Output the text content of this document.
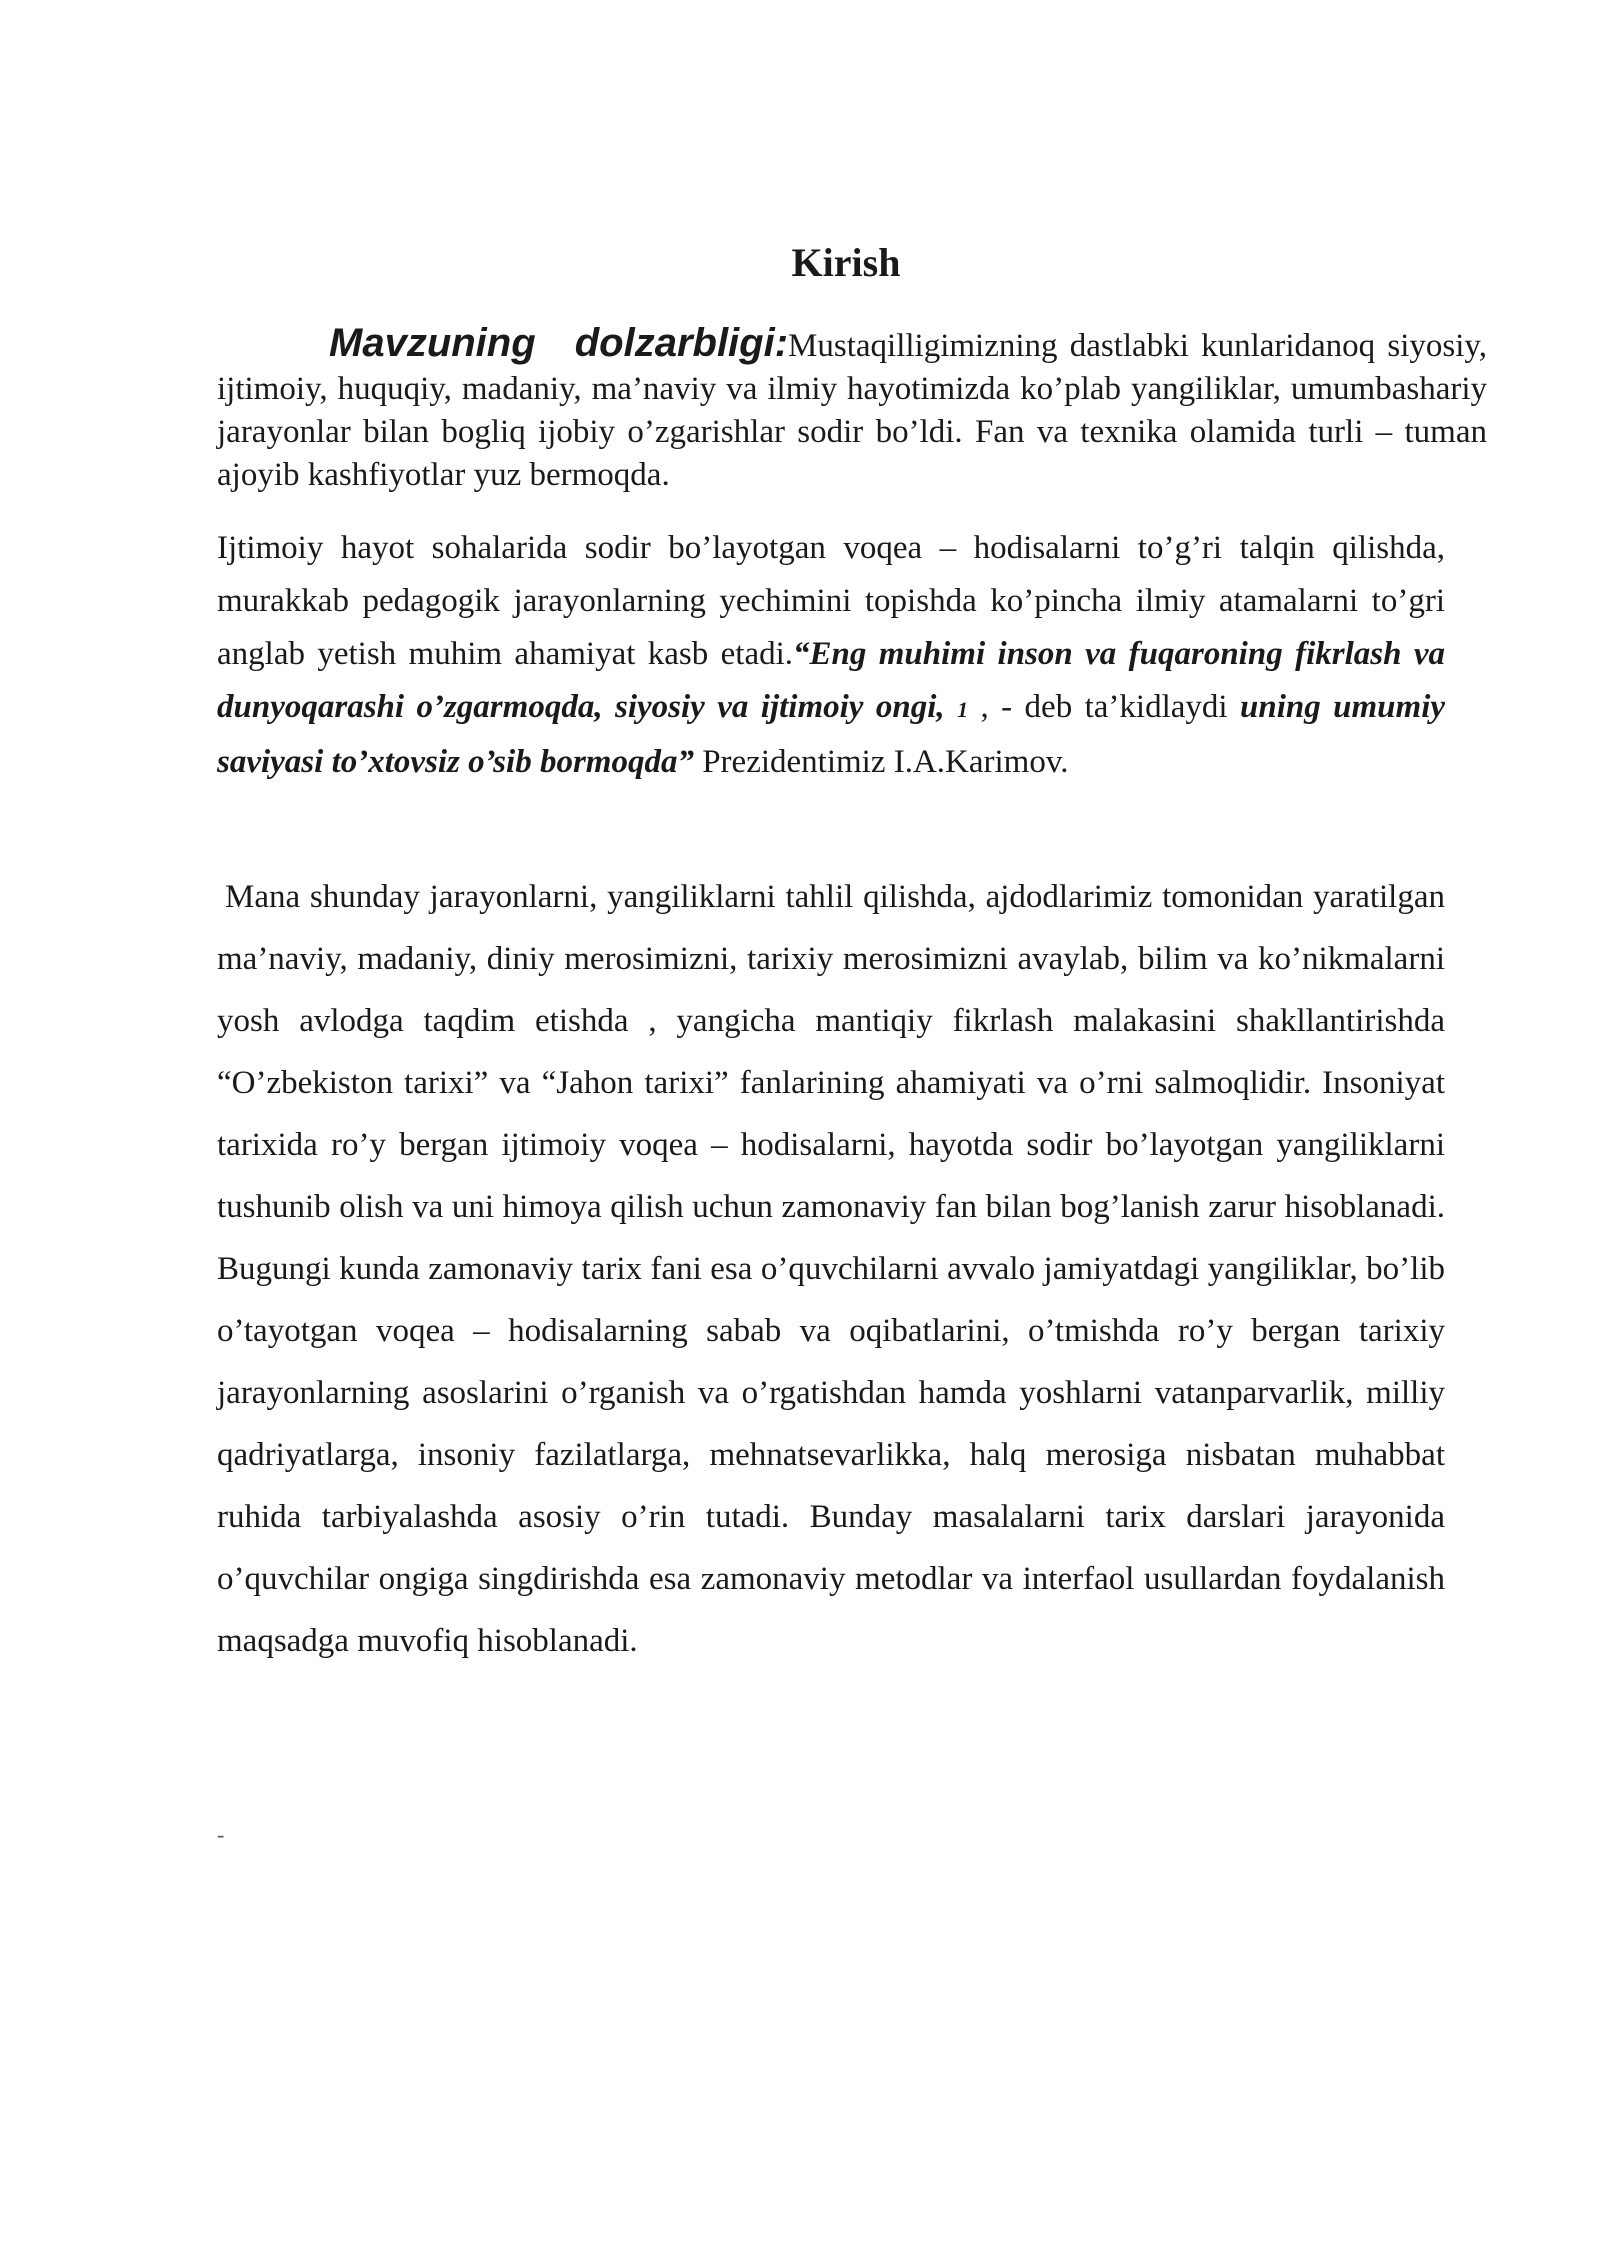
Kirish

Mavzuning dolzarbligi:Mustaqilligimizning dastlabki kunlaridanoq siyosiy, ijtimoiy, huquqiy, madaniy, ma’naviy va ilmiy hayotimizda ko’plab yangiliklar, umumbashariy jarayonlar bilan bogliq ijobiy o’zgarishlar sodir bo’ldi. Fan va texnika olamida turli – tuman ajoyib kashfiyotlar yuz bermoqda.

Ijtimoiy hayot sohalarida sodir bo’layotgan voqea – hodisalarni to’g’ri talqin qilishda, murakkab pedagogik jarayonlarning yechimini topishda ko’pincha ilmiy atamalarni to’gri anglab yetish muhim ahamiyat kasb etadi.“Eng muhimi inson va fuqaroning fikrlash va dunyoqarashi o’zgarmoqda, siyosiy va ijtimoiy ongi, 1 , - deb ta’kidlaydi uning umumiy saviyasi to’xtovsiz o’sib bormoqda” Prezidentimiz I.A.Karimov.

Mana shunday jarayonlarni, yangiliklarni tahlil qilishda, ajdodlarimiz tomonidan yaratilgan ma’naviy, madaniy, diniy merosimizni, tarixiy merosimizni avaylab, bilim va ko’nikmalarni yosh avlodga taqdim etishda , yangicha mantiqiy fikrlash malakasini shakllantirishda “O’zbekiston tarixi” va “Jahon tarixi” fanlarining ahamiyati va o’rni salmoqlidir. Insoniyat tarixida ro’y bergan ijtimoiy voqea – hodisalarni, hayotda sodir bo’layotgan yangiliklarni tushunib olish va uni himoya qilish uchun zamonaviy fan bilan bog’lanish zarur hisoblanadi. Bugungi kunda zamonaviy tarix fani esa o’quvchilarni avvalo jamiyatdagi yangiliklar, bo’lib o’tayotgan voqea – hodisalarning sabab va oqibatlarini, o’tmishda ro’y bergan tarixiy jarayonlarning asoslarini o’rganish va o’rgatishdan hamda yoshlarni vatanparvarlik, milliy qadriyatlarga, insoniy fazilatlarga, mehnatsevarlikka, halq merosiga nisbatan muhabbat ruhida tarbiyalashda asosiy o’rin tutadi. Bunday masalalarni tarix darslari jarayonida o’quvchilar ongiga singdirishda esa zamonaviy metodlar va interfaol usullardan foydalanish maqsadga muvofiq hisoblanadi.

-
